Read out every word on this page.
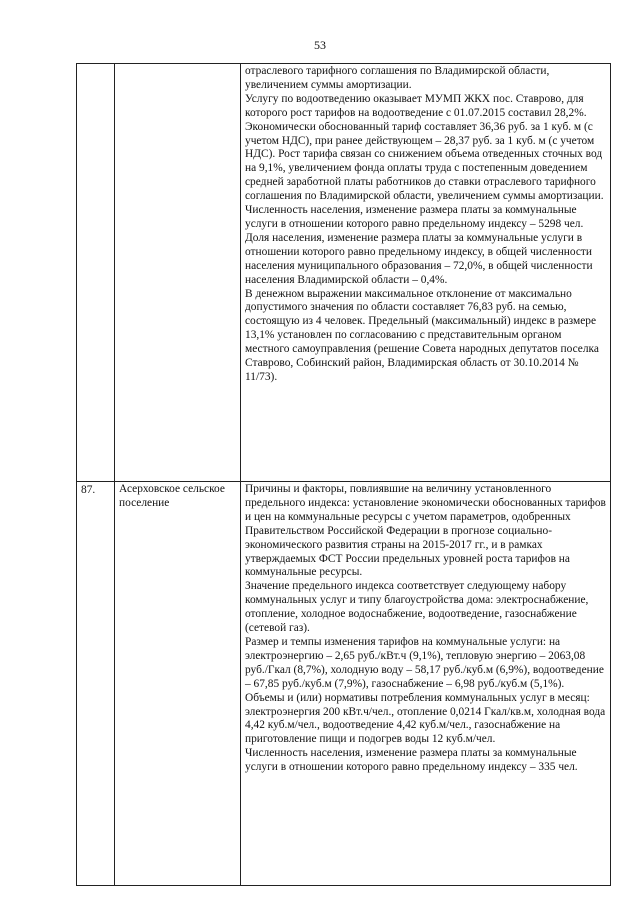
53

		отраслевого тарифного соглашения по Владимирской области, увеличением суммы амортизации.
Услугу по водоотведению оказывает МУМП ЖКХ пос. Ставрово, для которого рост тарифов на водоотведение с 01.07.2015 составил 28,2%. Экономически обоснованный тариф составляет 36,36 руб. за 1 куб. м (с учетом НДС), при ранее действующем – 28,37 руб. за 1 куб. м (с учетом НДС). Рост тарифа связан со снижением объема отведенных сточных вод на 9,1%, увеличением фонда оплаты труда с постепенным доведением средней заработной платы работников до ставки отраслевого тарифного соглашения по Владимирской области, увеличением суммы амортизации.
Численность населения, изменение размера платы за коммунальные услуги в отношении которого равно предельному индексу – 5298 чел.
Доля населения, изменение размера платы за коммунальные услуги в отношении которого равно предельному индексу, в общей численности населения муниципального образования – 72,0%, в общей численности населения Владимирской области – 0,4%.
В денежном выражении максимальное отклонение от максимально допустимого значения по области составляет 76,83 руб. на семью, состоящую из 4 человек. Предельный (максимальный) индекс в размере 13,1% установлен по согласованию с представительным органом местного самоуправления (решение Совета народных депутатов поселка Ставрово, Собинский район, Владимирская область от 30.10.2014 № 11/73).

87.	Асерховское сельское поселение	Причины и факторы, повлиявшие на величину установленного предельного индекса: установление экономически обоснованных тарифов и цен на коммунальные ресурсы с учетом параметров, одобренных Правительством Российской Федерации в прогнозе социально-экономического развития страны на 2015-2017 гг., и в рамках утверждаемых ФСТ России предельных уровней роста тарифов на коммунальные ресурсы.
Значение предельного индекса соответствует следующему набору коммунальных услуг и типу благоустройства дома: электроснабжение, отопление, холодное водоснабжение, водоотведение, газоснабжение (сетевой газ).
Размер и темпы изменения тарифов на коммунальные услуги: на электроэнергию – 2,65 руб./кВт.ч (9,1%), тепловую энергию – 2063,08 руб./Гкал (8,7%), холодную воду – 58,17 руб./куб.м (6,9%), водоотведение – 67,85 руб./куб.м (7,9%), газоснабжение – 6,98 руб./куб.м (5,1%).
Объемы и (или) нормативы потребления коммунальных услуг в месяц: электроэнергия 200 кВт.ч/чел., отопление 0,0214 Гкал/кв.м, холодная вода 4,42 куб.м/чел., водоотведение 4,42 куб.м/чел., газоснабжение на приготовление пищи и подогрев воды 12 куб.м/чел.
Численность населения, изменение размера платы за коммунальные услуги в отношении которого равно предельному индексу – 335 чел.
